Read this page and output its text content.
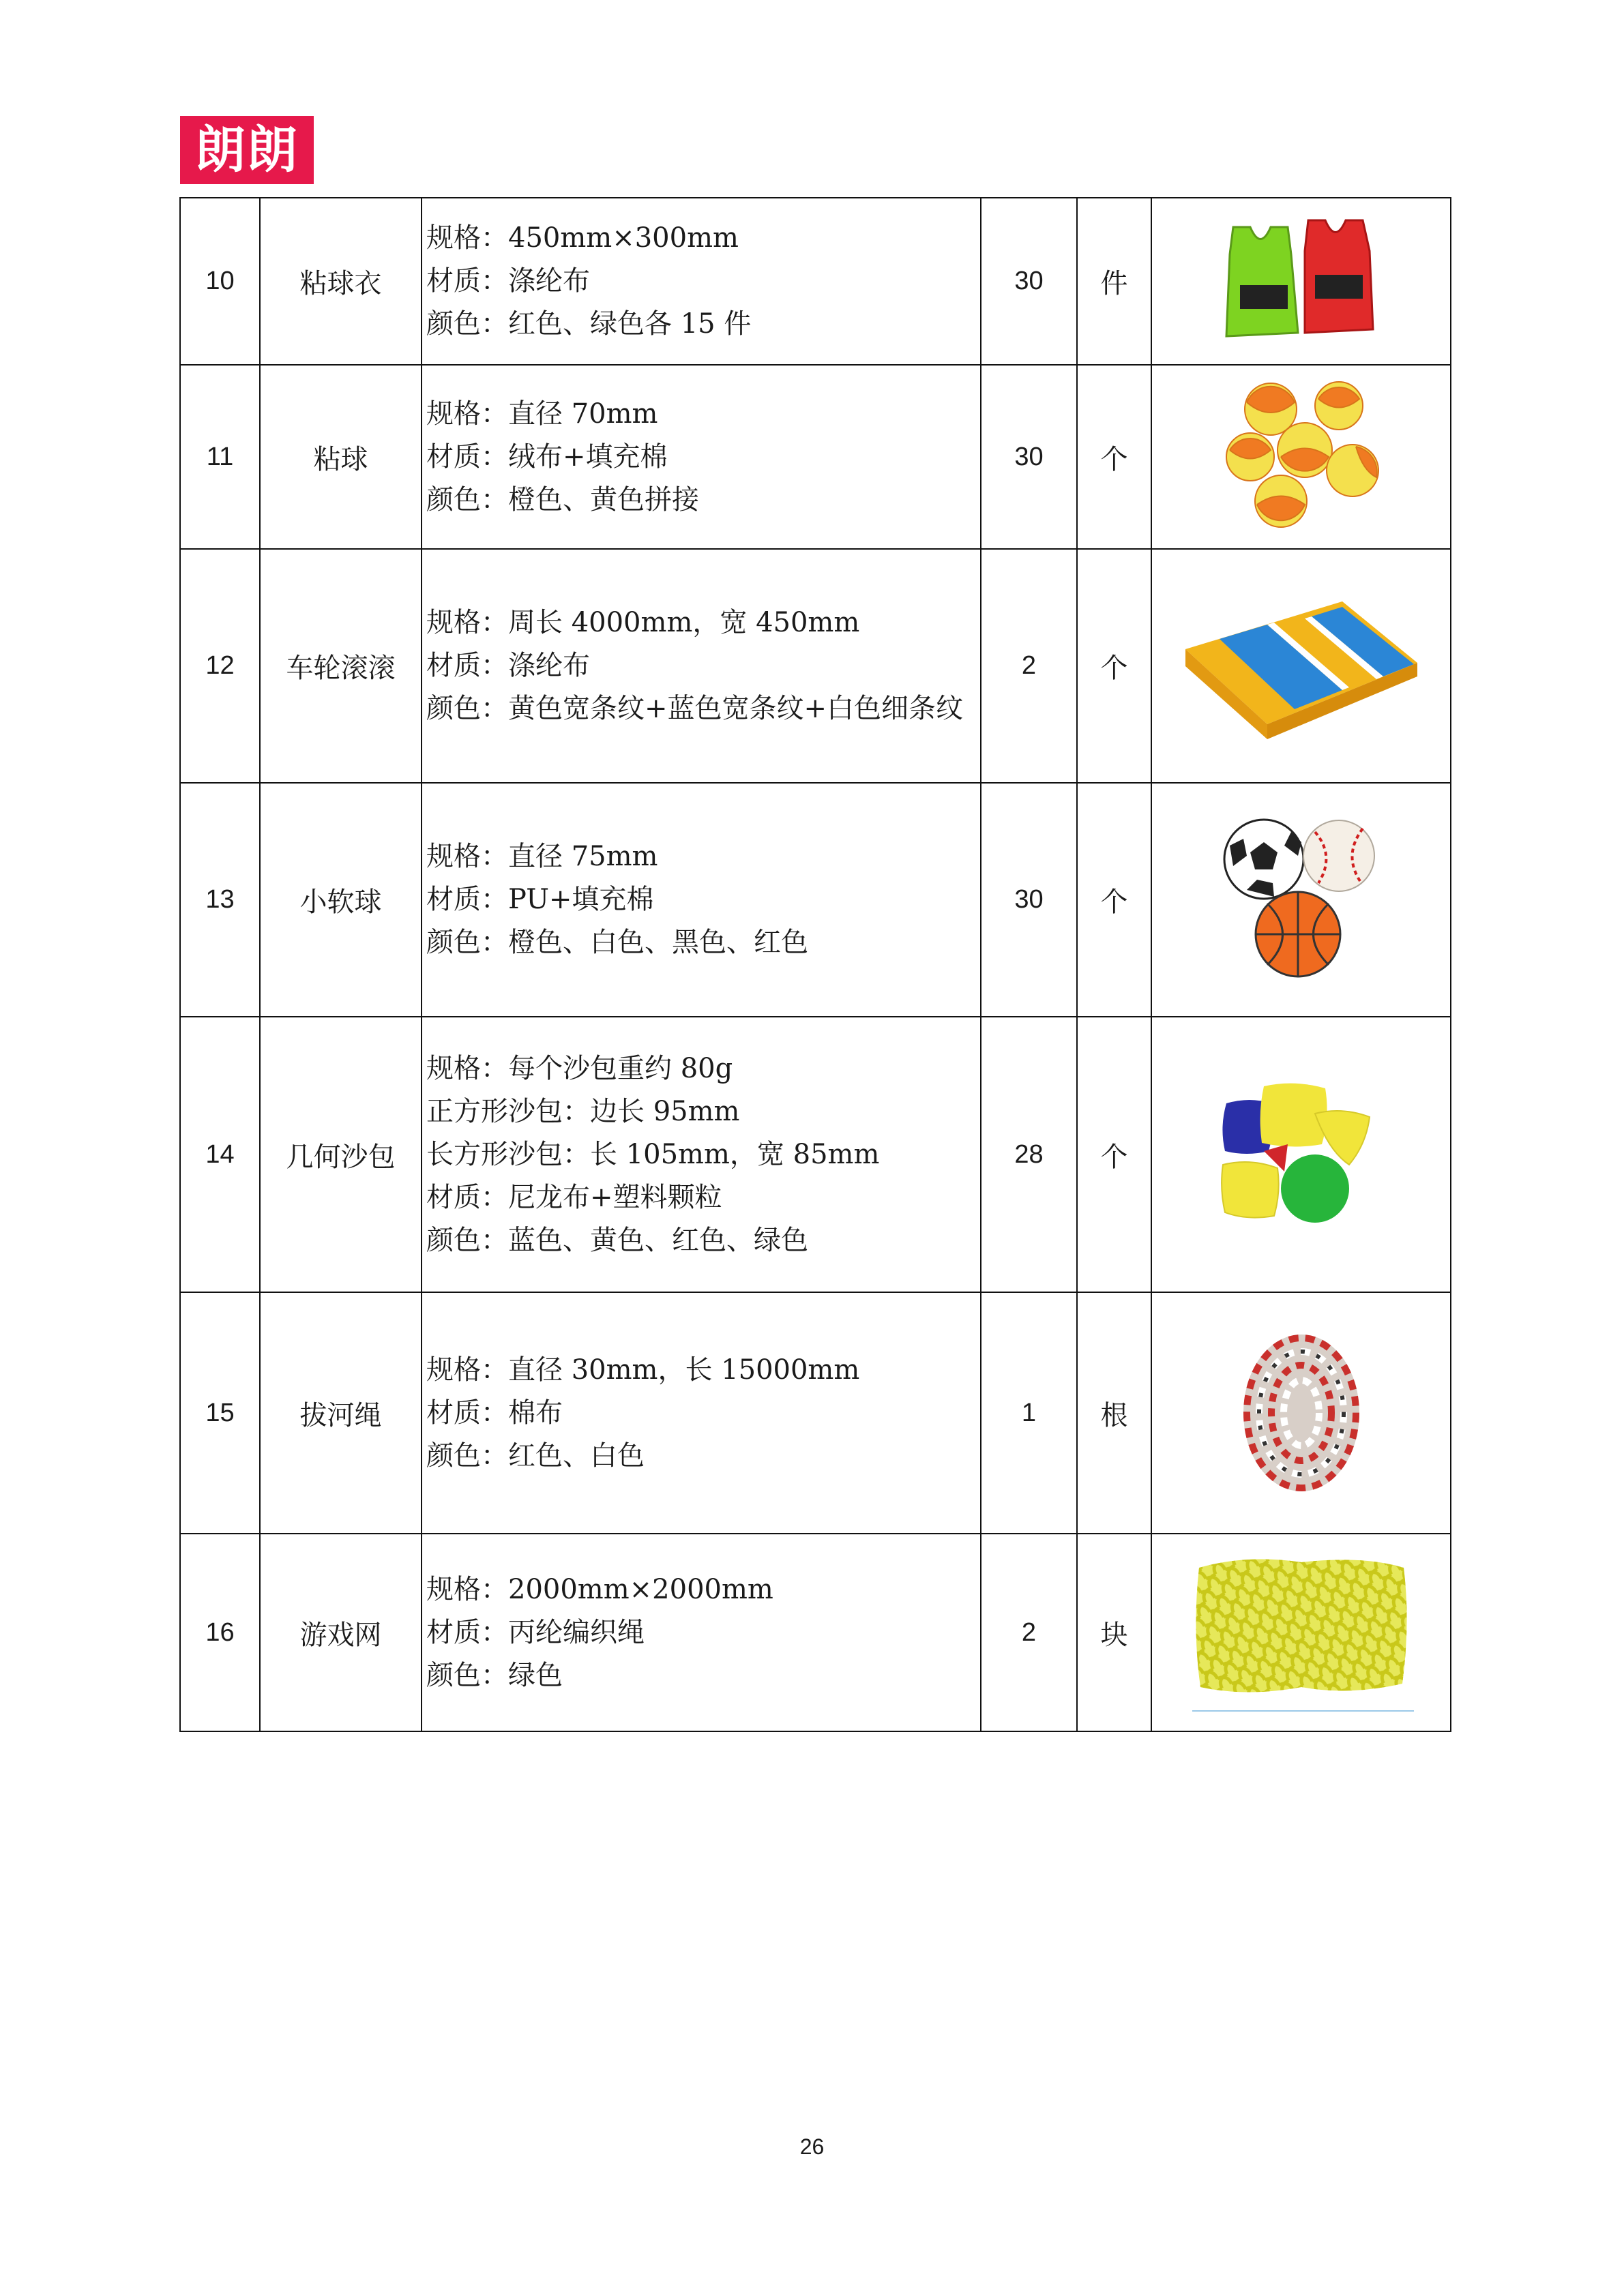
朗朗
10	粘球衣	规格：450mm×300mm
材质：涤纶布
颜色：红色、绿色各 15 件	30	件	

11	粘球	规格：直径 70mm
材质：绒布+填充棉
颜色：橙色、黄色拼接	30	个	

12	车轮滚滚	规格：周长 4000mm，宽 450mm
材质：涤纶布
颜色：黄色宽条纹+蓝色宽条纹+白色细条纹	2	个	

13	小软球	规格：直径 75mm
材质：PU+填充棉
颜色：橙色、白色、黑色、红色	30	个	

14	几何沙包	规格：每个沙包重约 80g
正方形沙包：边长 95mm
长方形沙包：长 105mm，宽 85mm
材质：尼龙布+塑料颗粒
颜色：蓝色、黄色、红色、绿色	28	个	

15	拔河绳	规格：直径 30mm，长 15000mm
材质：棉布
颜色：红色、白色	1	根	

16	游戏网	规格：2000mm×2000mm
材质：丙纶编织绳
颜色：绿色	2	块	
26
